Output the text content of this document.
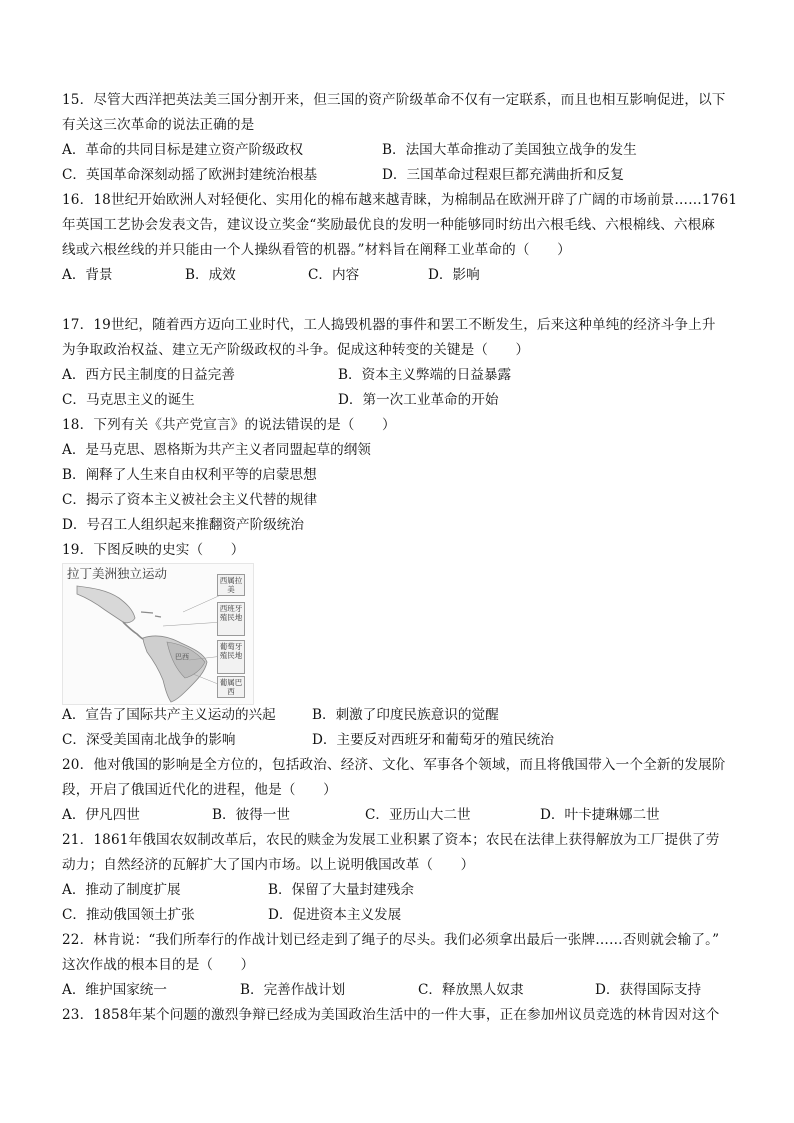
15．尽管大西洋把英法美三国分割开来，但三国的资产阶级革命不仅有一定联系，而且也相互影响促进，以下
有关这三次革命的说法正确的是
A．革命的共同目标是建立资产阶级政权	B．法国大革命推动了美国独立战争的发生
C．英国革命深刻动摇了欧洲封建统治根基	D．三国革命过程艰巨都充满曲折和反复
16．18世纪开始欧洲人对轻便化、实用化的棉布越来越青睐，为棉制品在欧洲开辟了广阔的市场前景……1761
年英国工艺协会发表文告，建议设立奖金“奖励最优良的发明一种能够同时纺出六根毛线、六根棉线、六根麻
线或六根丝线的并只能由一个人操纵看管的机器。”材料旨在阐释工业革命的（　　）
A．背景	B．成效	C．内容	D．影响
17．19世纪，随着西方迈向工业时代，工人捣毁机器的事件和罢工不断发生，后来这种单纯的经济斗争上升
为争取政治权益、建立无产阶级政权的斗争。促成这种转变的关键是（　　）
A．西方民主制度的日益完善	B．资本主义弊端的日益暴露
C．马克思主义的诞生	D．第一次工业革命的开始
18．下列有关《共产党宣言》的说法错误的是（　　）
A．是马克思、恩格斯为共产主义者同盟起草的纲领
B．阐释了人生来自由权利平等的启蒙思想
C．揭示了资本主义被社会主义代替的规律
D．号召工人组织起来推翻资产阶级统治
19．下图反映的史实（　　）
拉丁美洲独立运动
巴西
西属拉美
西班牙殖民地
葡萄牙殖民地
葡属巴西
A．宣告了国际共产主义运动的兴起	B．刺激了印度民族意识的觉醒
C．深受美国南北战争的影响	D．主要反对西班牙和葡萄牙的殖民统治
20．他对俄国的影响是全方位的，包括政治、经济、文化、军事各个领域，而且将俄国带入一个全新的发展阶
段，开启了俄国近代化的进程，他是（　　）
A．伊凡四世	B．彼得一世	C．亚历山大二世	D．叶卡捷琳娜二世
21．1861年俄国农奴制改革后，农民的赎金为发展工业积累了资本；农民在法律上获得解放为工厂提供了劳
动力；自然经济的瓦解扩大了国内市场。以上说明俄国改革（　　）
A．推动了制度扩展	B．保留了大量封建残余
C．推动俄国领土扩张	D．促进资本主义发展
22．林肯说：“我们所奉行的作战计划已经走到了绳子的尽头。我们必须拿出最后一张牌……否则就会输了。”
这次作战的根本目的是（　　）
A．维护国家统一	B．完善作战计划	C．释放黑人奴隶	D．获得国际支持
23．1858年某个问题的激烈争辩已经成为美国政治生活中的一件大事，正在参加州议员竞选的林肯因对这个
